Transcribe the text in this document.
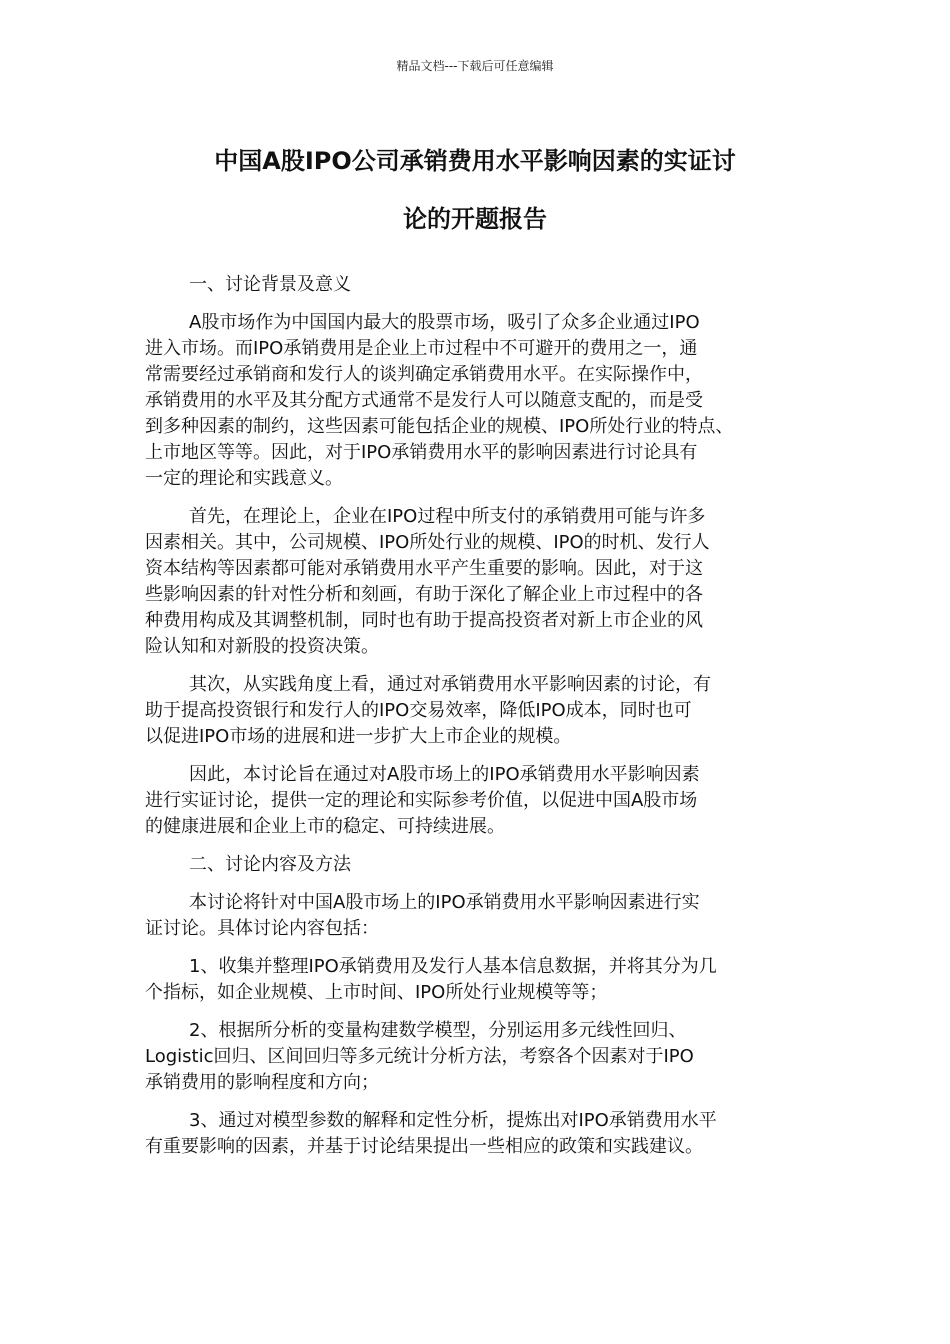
精品文档---下载后可任意编辑
中国A股IPO公司承销费用水平影响因素的实证讨
论的开题报告
一、讨论背景及意义
A股市场作为中国国内最大的股票市场，吸引了众多企业通过IPO
进入市场。而IPO承销费用是企业上市过程中不可避开的费用之一，通
常需要经过承销商和发行人的谈判确定承销费用水平。在实际操作中，
承销费用的水平及其分配方式通常不是发行人可以随意支配的，而是受
到多种因素的制约，这些因素可能包括企业的规模、IPO所处行业的特点、
上市地区等等。因此，对于IPO承销费用水平的影响因素进行讨论具有
一定的理论和实践意义。
首先，在理论上，企业在IPO过程中所支付的承销费用可能与许多
因素相关。其中，公司规模、IPO所处行业的规模、IPO的时机、发行人
资本结构等因素都可能对承销费用水平产生重要的影响。因此，对于这
些影响因素的针对性分析和刻画，有助于深化了解企业上市过程中的各
种费用构成及其调整机制，同时也有助于提高投资者对新上市企业的风
险认知和对新股的投资决策。
其次，从实践角度上看，通过对承销费用水平影响因素的讨论，有
助于提高投资银行和发行人的IPO交易效率，降低IPO成本，同时也可
以促进IPO市场的进展和进一步扩大上市企业的规模。
因此，本讨论旨在通过对A股市场上的IPO承销费用水平影响因素
进行实证讨论，提供一定的理论和实际参考价值，以促进中国A股市场
的健康进展和企业上市的稳定、可持续进展。
二、讨论内容及方法
本讨论将针对中国A股市场上的IPO承销费用水平影响因素进行实
证讨论。具体讨论内容包括：
1、收集并整理IPO承销费用及发行人基本信息数据，并将其分为几
个指标，如企业规模、上市时间、IPO所处行业规模等等；
2、根据所分析的变量构建数学模型，分别运用多元线性回归、
Logistic回归、区间回归等多元统计分析方法，考察各个因素对于IPO
承销费用的影响程度和方向；
3、通过对模型参数的解释和定性分析，提炼出对IPO承销费用水平
有重要影响的因素，并基于讨论结果提出一些相应的政策和实践建议。
